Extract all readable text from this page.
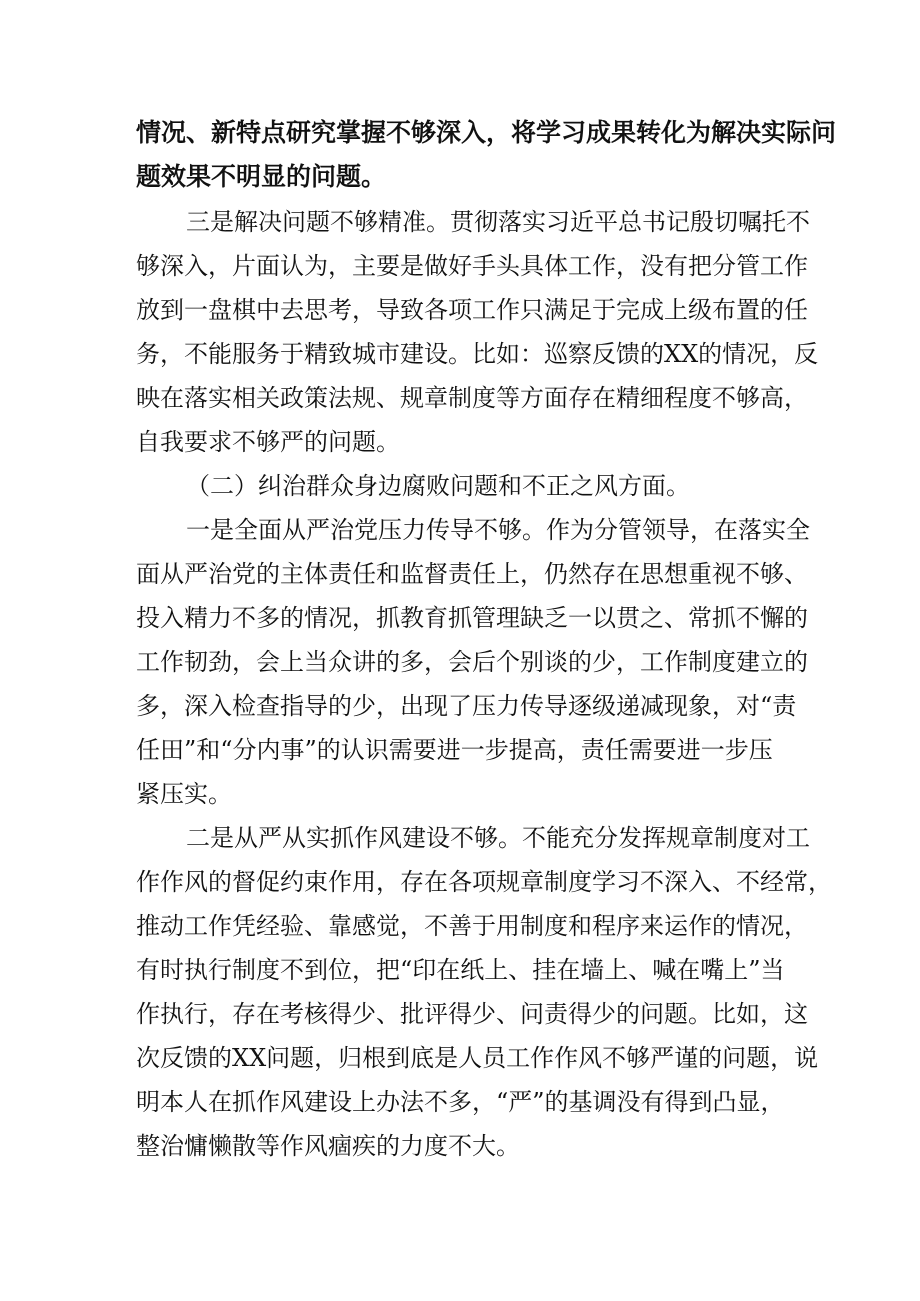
情况、新特点研究掌握不够深入，将学习成果转化为解决实际问
题效果不明显的问题。
三是解决问题不够精准。贯彻落实习近平总书记殷切嘱托不
够深入，片面认为，主要是做好手头具体工作，没有把分管工作
放到一盘棋中去思考，导致各项工作只满足于完成上级布置的任
务，不能服务于精致城市建设。比如：巡察反馈的XX的情况，反
映在落实相关政策法规、规章制度等方面存在精细程度不够高，
自我要求不够严的问题。
（二）纠治群众身边腐败问题和不正之风方面。
一是全面从严治党压力传导不够。作为分管领导，在落实全
面从严治党的主体责任和监督责任上，仍然存在思想重视不够、
投入精力不多的情况，抓教育抓管理缺乏一以贯之、常抓不懈的
工作韧劲，会上当众讲的多，会后个别谈的少，工作制度建立的
多，深入检查指导的少，出现了压力传导逐级递减现象，对“责
任田”和“分内事”的认识需要进一步提高，责任需要进一步压
紧压实。
二是从严从实抓作风建设不够。不能充分发挥规章制度对工
作作风的督促约束作用，存在各项规章制度学习不深入、不经常，
推动工作凭经验、靠感觉，不善于用制度和程序来运作的情况，
有时执行制度不到位，把“印在纸上、挂在墙上、喊在嘴上”当
作执行，存在考核得少、批评得少、问责得少的问题。比如，这
次反馈的XX问题，归根到底是人员工作作风不够严谨的问题，说
明本人在抓作风建设上办法不多，“严”的基调没有得到凸显，
整治慵懒散等作风痼疾的力度不大。
